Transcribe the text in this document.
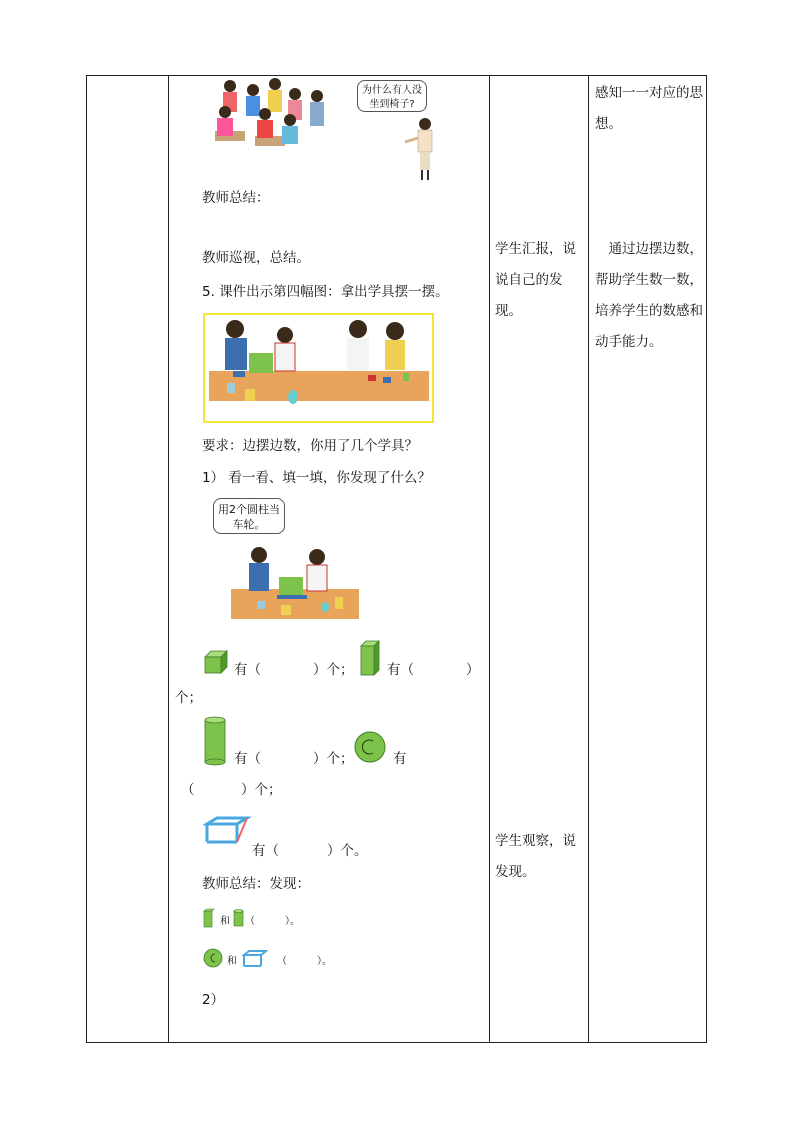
为什么有人没坐到椅子?
教师总结：
教师巡视，总结。
5. 课件出示第四幅图：拿出学具摆一摆。
要求：边摆边数，你用了几个学具？
1） 看一看、填一填，你发现了什么？
用2个圆柱当车轮。
有（	）个； 有（	）
个；
有（	）个；	有
（	）个；
有（	）个。
教师总结：发现：
和 （　　　）。
和	（　　　）。
2）
学生汇报，说说自己的发现。
学生观察，说发现。
感知一一对应的思想。
　通过边摆边数，帮助学生数一数，培养学生的数感和动手能力。
